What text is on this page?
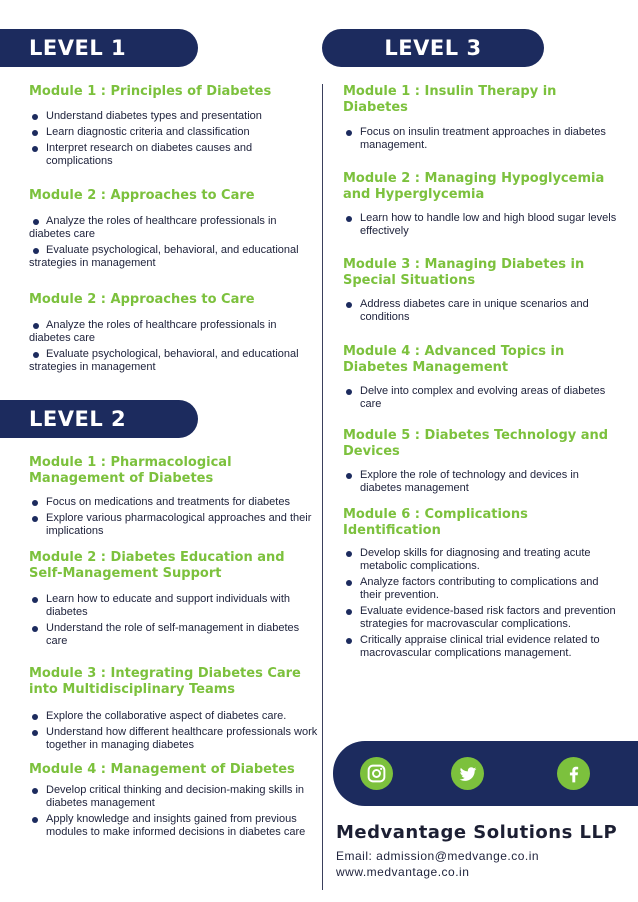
LEVEL 1	LEVEL 3
LEVEL 2
Module 1 : Principles of Diabetes
Understand diabetes types and presentation
Learn diagnostic criteria and classification
Interpret research on diabetes causes and complications
Module 2 : Approaches to Care
Analyze the roles of healthcare professionals in diabetes care
Evaluate psychological, behavioral, and educational strategies in management
Module 2 : Approaches to Care
Analyze the roles of healthcare professionals in diabetes care
Evaluate psychological, behavioral, and educational strategies in management
Module 1 : Pharmacological Management of Diabetes
Focus on medications and treatments for diabetes
Explore various pharmacological approaches and their implications
Module 2 : Diabetes Education and Self-Management Support
Learn how to educate and support individuals with diabetes
Understand the role of self-management in diabetes care
Module 3 : Integrating Diabetes Care into Multidisciplinary Teams
Explore the collaborative aspect of diabetes care.
Understand how different healthcare professionals work together in managing diabetes
Module 4 : Management of Diabetes
Develop critical thinking and decision-making skills in diabetes management
Apply knowledge and insights gained from previous modules to make informed decisions in diabetes care
Module 1 : Insulin Therapy in Diabetes
Focus on insulin treatment approaches in diabetes management.
Module 2 : Managing Hypoglycemia and Hyperglycemia
Learn how to handle low and high blood sugar levels effectively
Module 3 : Managing Diabetes in Special Situations
Address diabetes care in unique scenarios and conditions
Module 4 : Advanced Topics in Diabetes Management
Delve into complex and evolving areas of diabetes care
Module 5 : Diabetes Technology and Devices
Explore the role of technology and devices in diabetes management
Module 6 : Complications Identification
Develop skills for diagnosing and treating acute metabolic complications.
Analyze factors contributing to complications and their prevention.
Evaluate evidence-based risk factors and prevention strategies for macrovascular complications.
Critically appraise clinical trial evidence related to macrovascular complications management.
Medvantage Solutions LLP
Email: admission@medvange.co.in
www.medvantage.co.in
